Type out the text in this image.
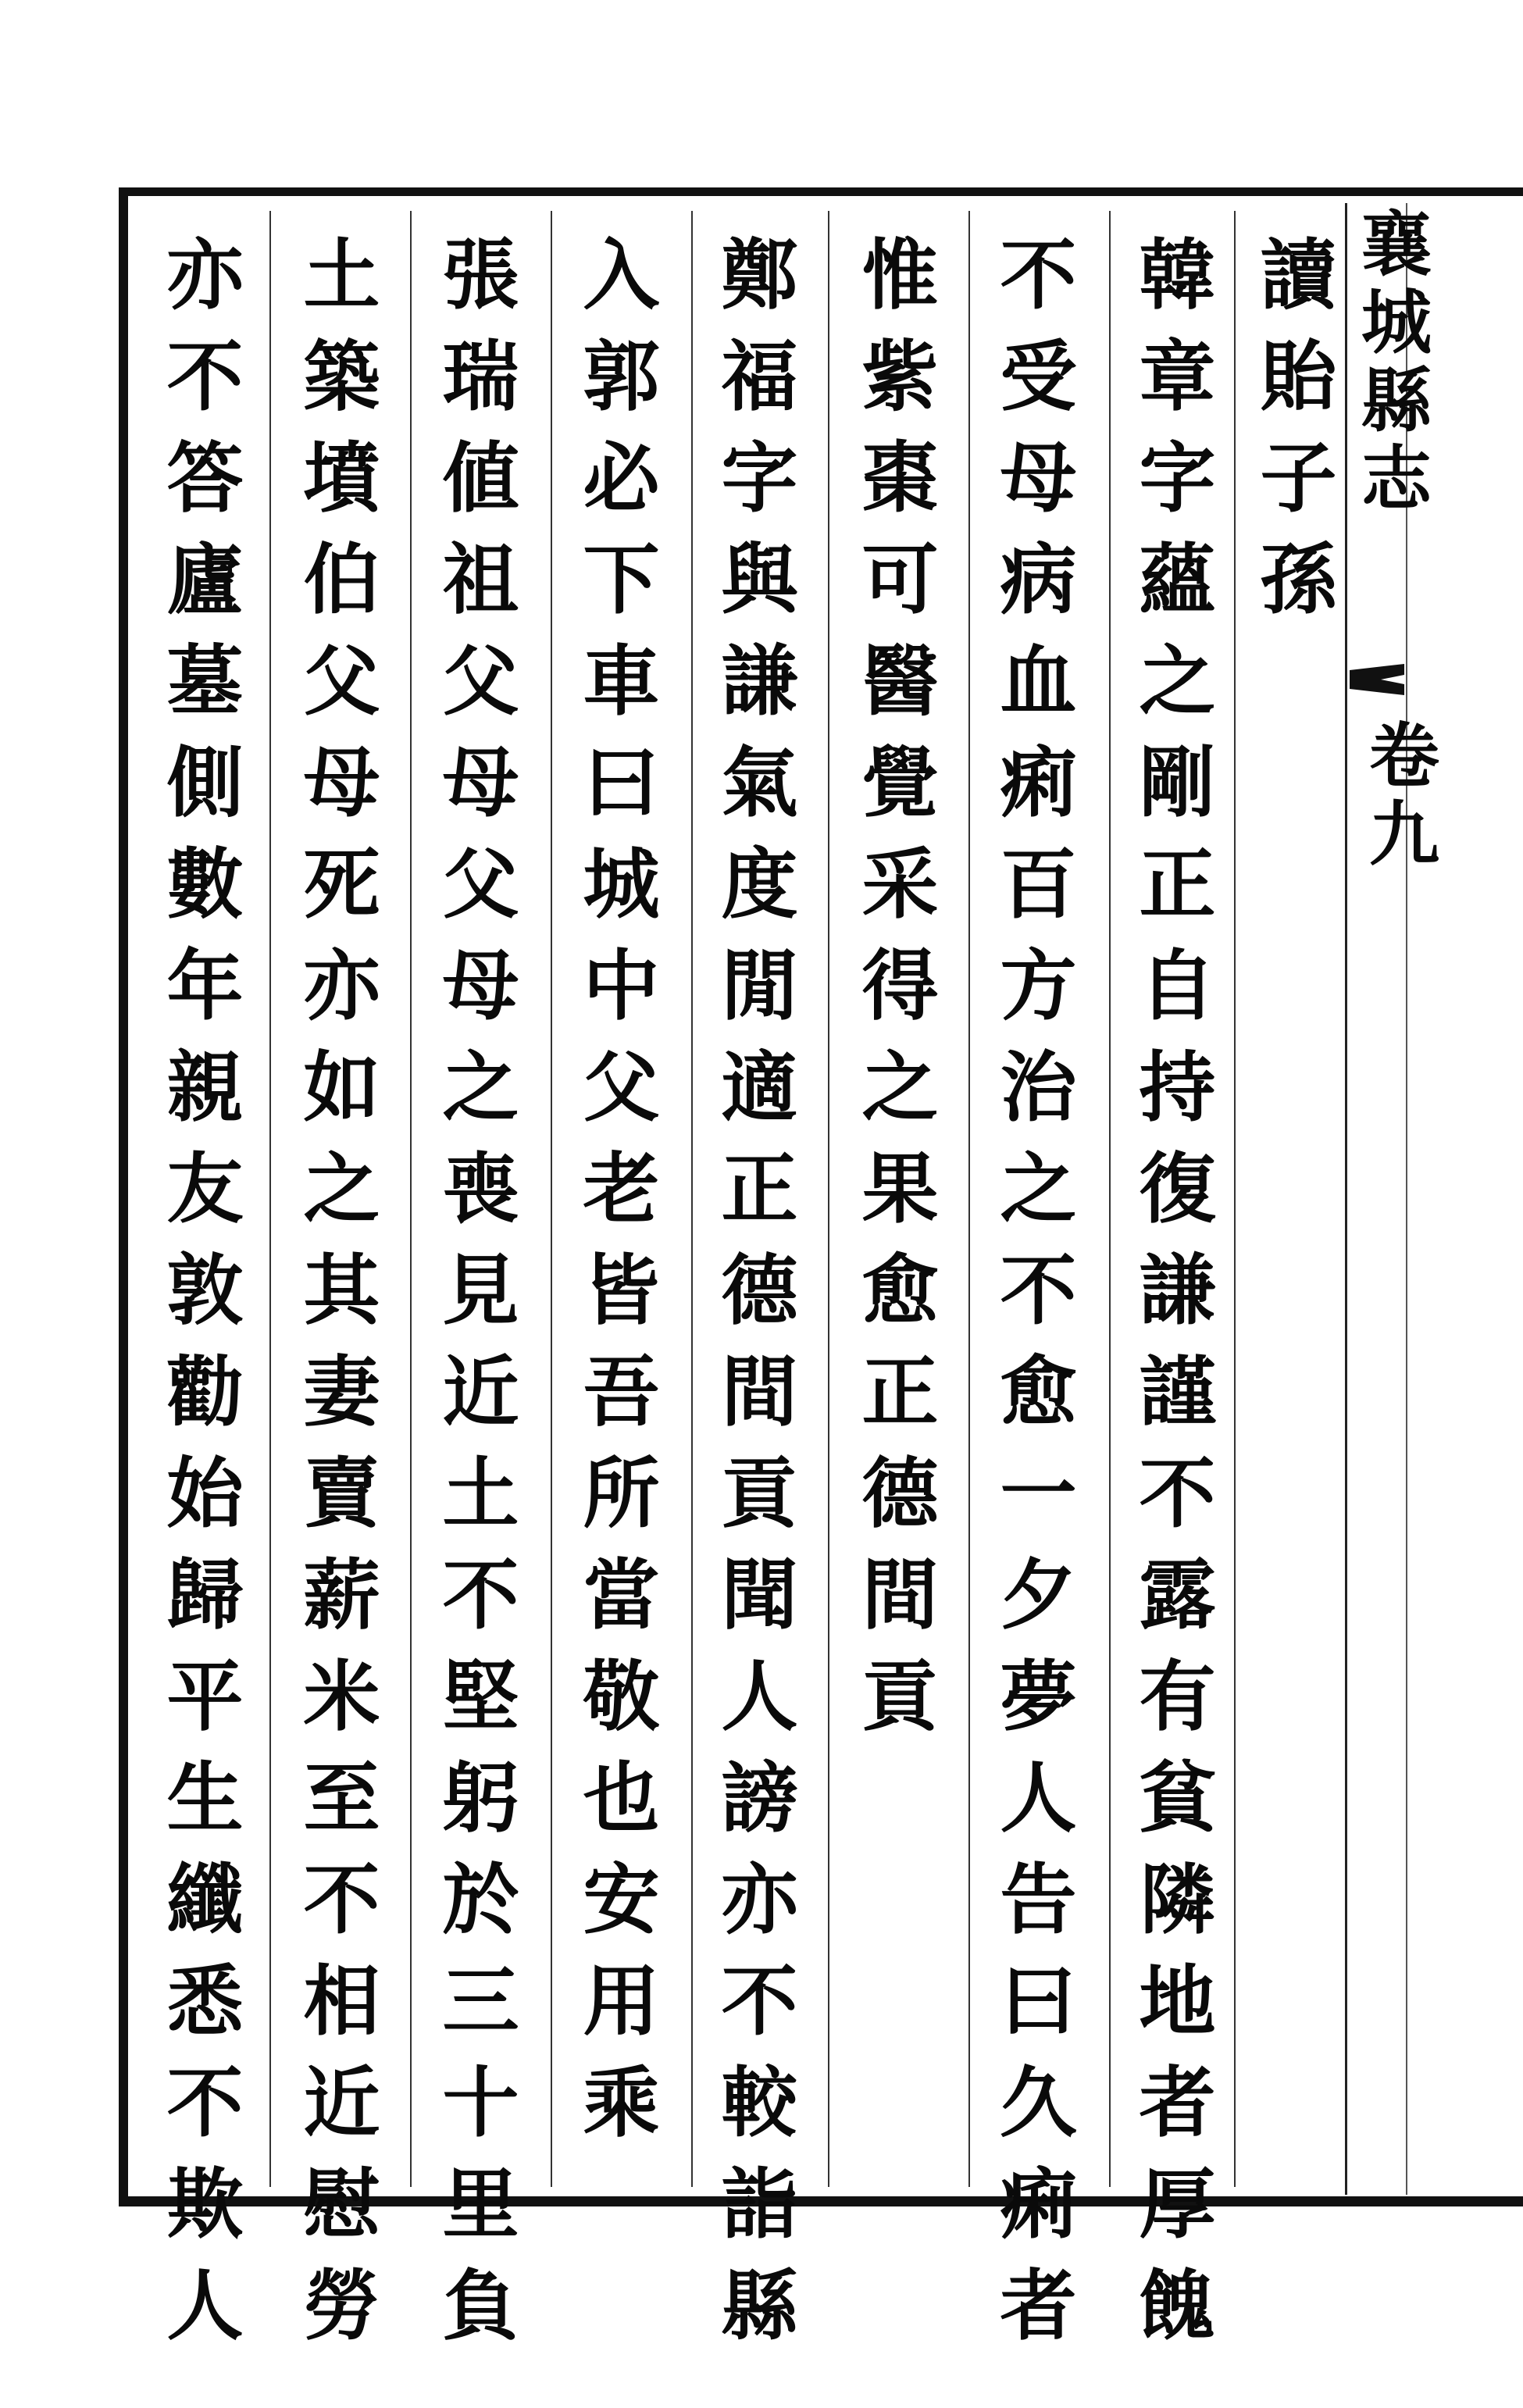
襄城縣志
卷九
讀貽子孫
韓章字蘊之剛正自持復謙謹不露有貧隣地者厚餽
不受母病血痢百方治之不愈一夕夢人告曰久痢者
惟紫棗可醫覺采得之果愈正德間貢
鄭福字與謙氣度閒適正德間貢聞人謗亦不較詣縣
入郭必下車曰城中父老皆吾所當敬也安用乘
張瑞値祖父母父母之喪見近土不堅躬於三十里負
土築墳伯父母死亦如之其妻賣薪米至不相近慰勞
亦不答廬墓側數年親友敦勸始歸平生纖悉不欺人
